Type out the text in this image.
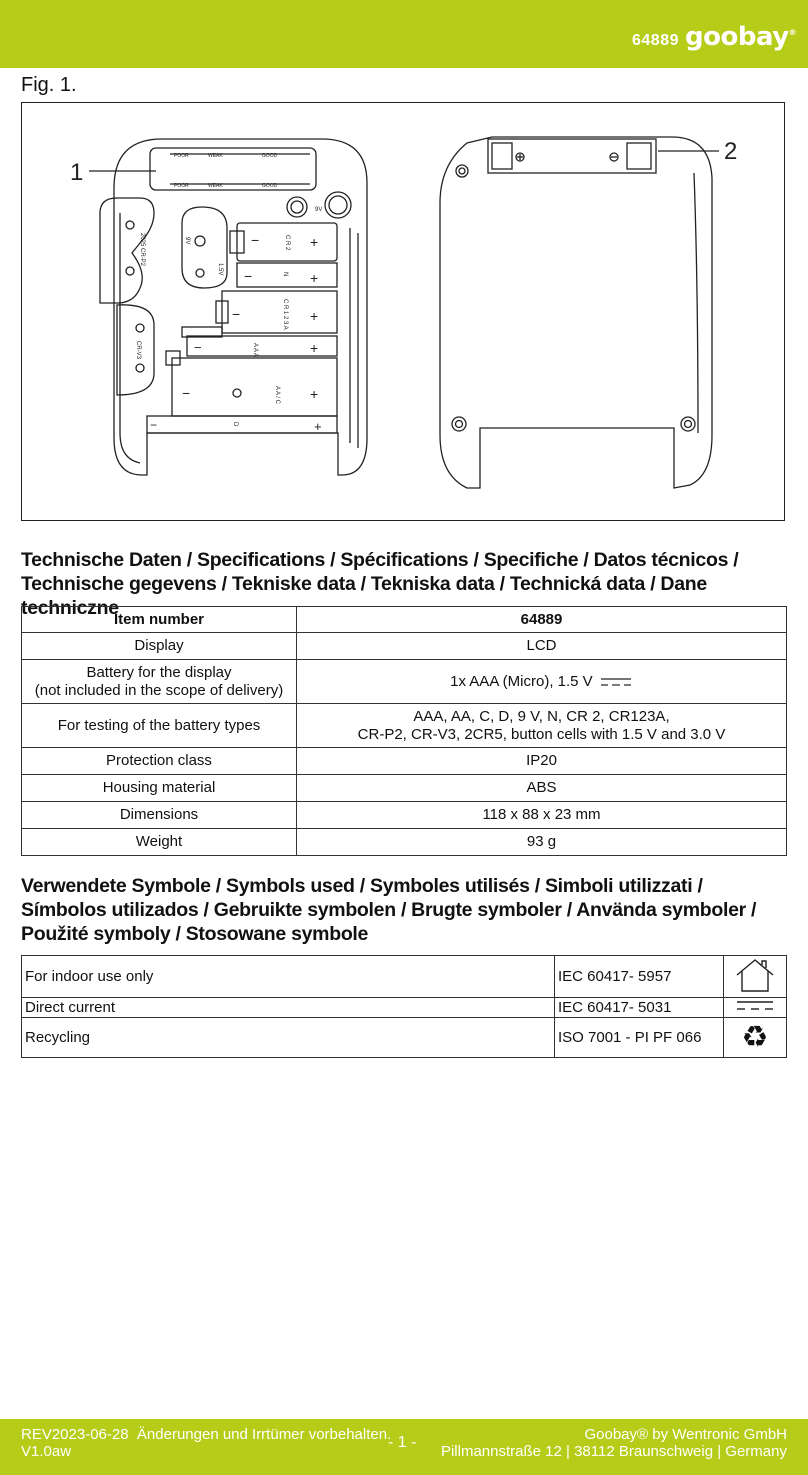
64889 goobay®
Fig. 1.
POOR	WEAK	GOOD
POOR	WEAK	GOOD
1
9V
2025 CR-P2	9V
1.5V
−	+
C R 2
−	+
N
−	+
C R 1 2 3 A
CR-V3	−	+
A A A
−	+
A A / C
−	+
D
2
Technische Daten / Specifications / Spécifications / Specifiche / Datos técnicos /
Technische gegevens / Tekniske data / Tekniska data / Technická data / Dane techniczne
Item number	64889
Display	LCD
Battery for the display
(not included in the scope of delivery)	1x AAA (Micro), 1.5 V
For testing of the battery types	AAA, AA, C, D, 9 V, N, CR 2, CR123A,
CR-P2, CR-V3, 2CR5, button cells with 1.5 V and 3.0 V
Protection class	IP20
Housing material	ABS
Dimensions	118 x 88 x 23 mm
Weight	93 g
Verwendete Symbole / Symbols used / Symboles utilisés / Simboli utilizzati /
Símbolos utilizados / Gebruikte symbolen / Brugte symboler / Använda symboler /
Použité symboly / Stosowane symbole
For indoor use only	IEC 60417- 5957	
Direct current	IEC 60417- 5031	
Recycling	ISO 7001 - PI PF 066	♻
REV2023-06-28 Änderungen und Irrtümer vorbehalten.
V1.0aw
- 1 -	Goobay® by Wentronic GmbH
Pillmannstraße 12 | 38112 Braunschweig | Germany
